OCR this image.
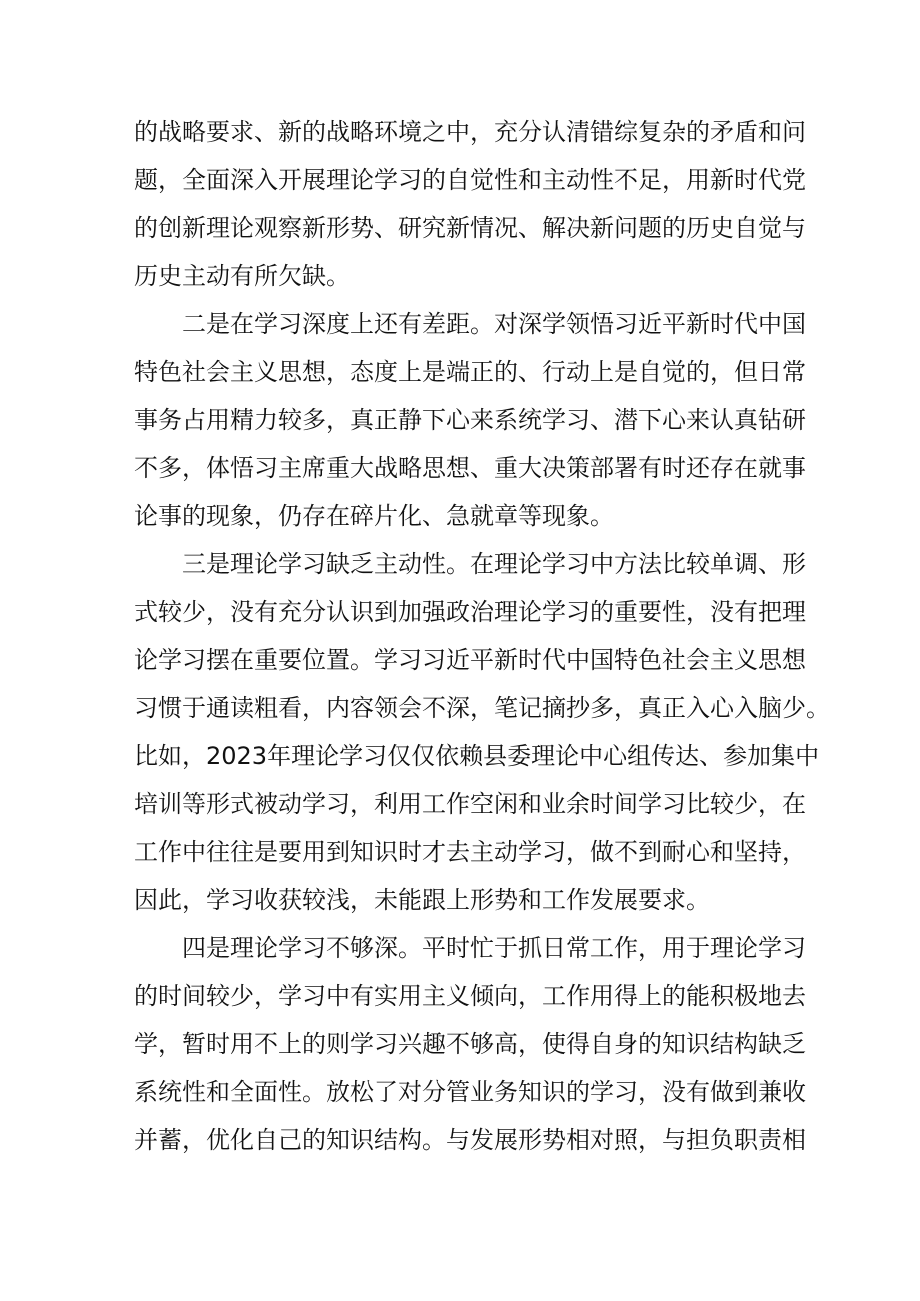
的战略要求、新的战略环境之中，充分认清错综复杂的矛盾和问
题，全面深入开展理论学习的自觉性和主动性不足，用新时代党
的创新理论观察新形势、研究新情况、解决新问题的历史自觉与
历史主动有所欠缺。
二是在学习深度上还有差距。对深学领悟习近平新时代中国
特色社会主义思想，态度上是端正的、行动上是自觉的，但日常
事务占用精力较多，真正静下心来系统学习、潜下心来认真钻研
不多，体悟习主席重大战略思想、重大决策部署有时还存在就事
论事的现象，仍存在碎片化、急就章等现象。
三是理论学习缺乏主动性。在理论学习中方法比较单调、形
式较少，没有充分认识到加强政治理论学习的重要性，没有把理
论学习摆在重要位置。学习习近平新时代中国特色社会主义思想
习惯于通读粗看，内容领会不深，笔记摘抄多，真正入心入脑少。
比如，2023年理论学习仅仅依赖县委理论中心组传达、参加集中
培训等形式被动学习，利用工作空闲和业余时间学习比较少，在
工作中往往是要用到知识时才去主动学习，做不到耐心和坚持，
因此，学习收获较浅，未能跟上形势和工作发展要求。
四是理论学习不够深。平时忙于抓日常工作，用于理论学习
的时间较少，学习中有实用主义倾向，工作用得上的能积极地去
学，暂时用不上的则学习兴趣不够高，使得自身的知识结构缺乏
系统性和全面性。放松了对分管业务知识的学习，没有做到兼收
并蓄，优化自己的知识结构。与发展形势相对照，与担负职责相
